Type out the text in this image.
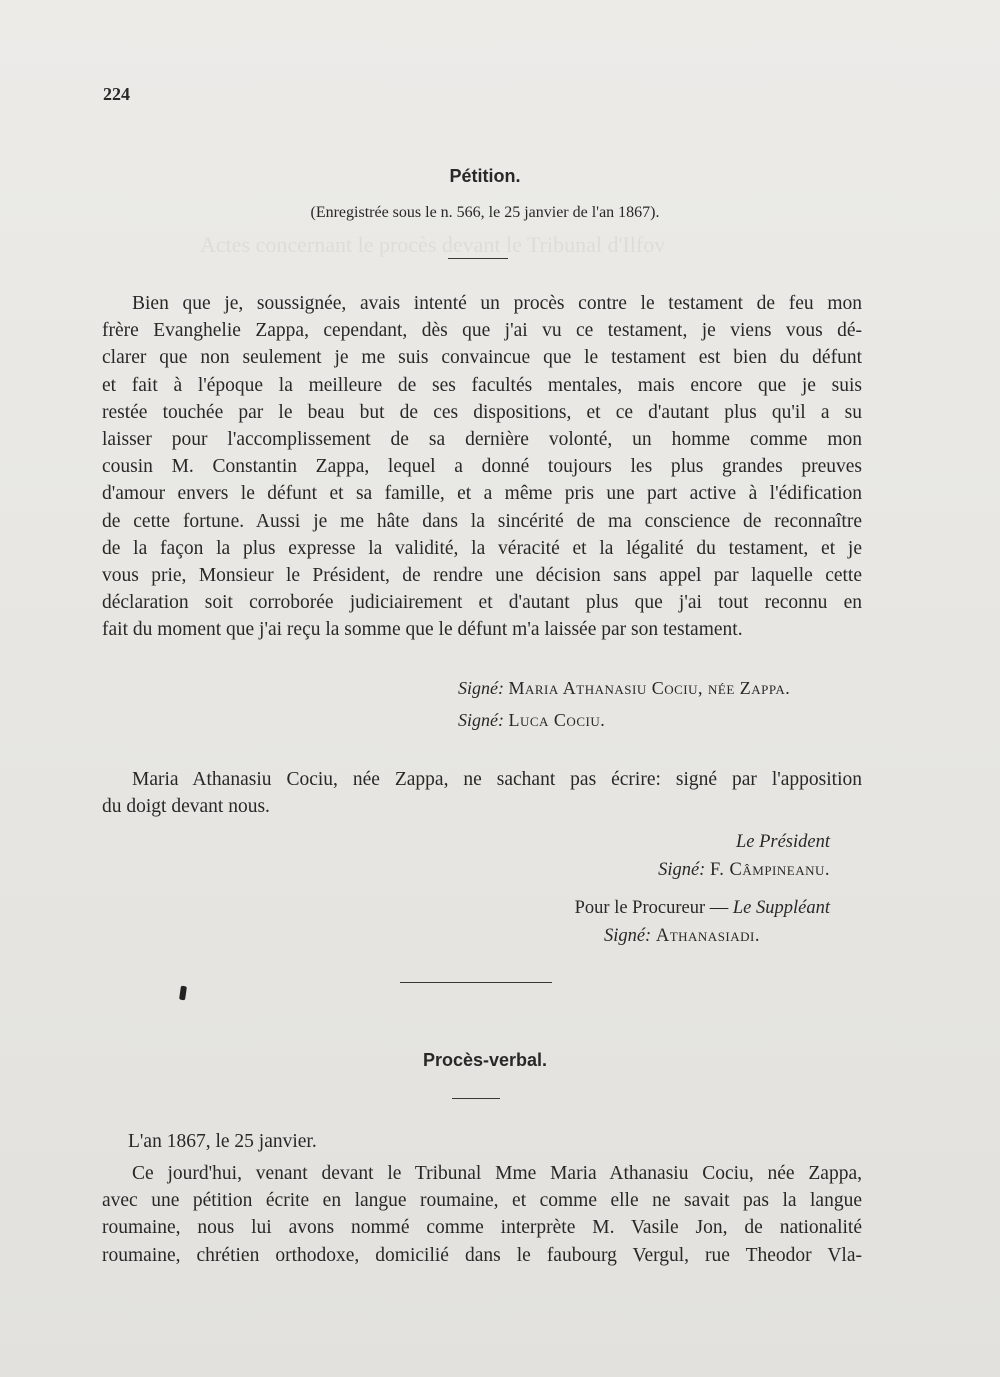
Actes concernant le procès devant le Tribunal d'Ilfov
224
Pétition.
(Enregistrée sous le n. 566, le 25 janvier de l'an 1867).

Bien que je, soussignée, avais intenté un procès contre le testament de feu mon

frère Evanghelie Zappa, cependant, dès que j'ai vu ce testament, je viens vous dé-

clarer que non seulement je me suis convaincue que le testament est bien du défunt

et fait à l'époque la meilleure de ses facultés mentales, mais encore que je suis

restée touchée par le beau but de ces dispositions, et ce d'autant plus qu'il a su

laisser pour l'accomplissement de sa dernière volonté, un homme comme mon

cousin M. Constantin Zappa, lequel a donné toujours les plus grandes preuves

d'amour envers le défunt et sa famille, et a même pris une part active à l'édification

de cette fortune. Aussi je me hâte dans la sincérité de ma conscience de reconnaître

de la façon la plus expresse la validité, la véracité et la légalité du testament, et je

vous prie, Monsieur le Président, de rendre une décision sans appel par laquelle cette

déclaration soit corroborée judiciairement et d'autant plus que j'ai tout reconnu en

fait du moment que j'ai reçu la somme que le défunt m'a laissée par son testament.

Signé: Maria Athanasiu Cociu, née Zappa.
Signé: Luca Cociu.

Maria Athanasiu Cociu, née Zappa, ne sachant pas écrire: signé par l'apposition

du doigt devant nous.

Le Président
Signé: F. Câmpineanu.
Pour le Procureur — Le Suppléant
Signé: Athanasiadi.
Procès-verbal.

L'an 1867, le 25 janvier.

Ce jourd'hui, venant devant le Tribunal Mme Maria Athanasiu Cociu, née Zappa,

avec une pétition écrite en langue roumaine, et comme elle ne savait pas la langue

roumaine, nous lui avons nommé comme interprète M. Vasile Jon, de nationalité

roumaine, chrétien orthodoxe, domicilié dans le faubourg Vergul, rue Theodor Vla-
